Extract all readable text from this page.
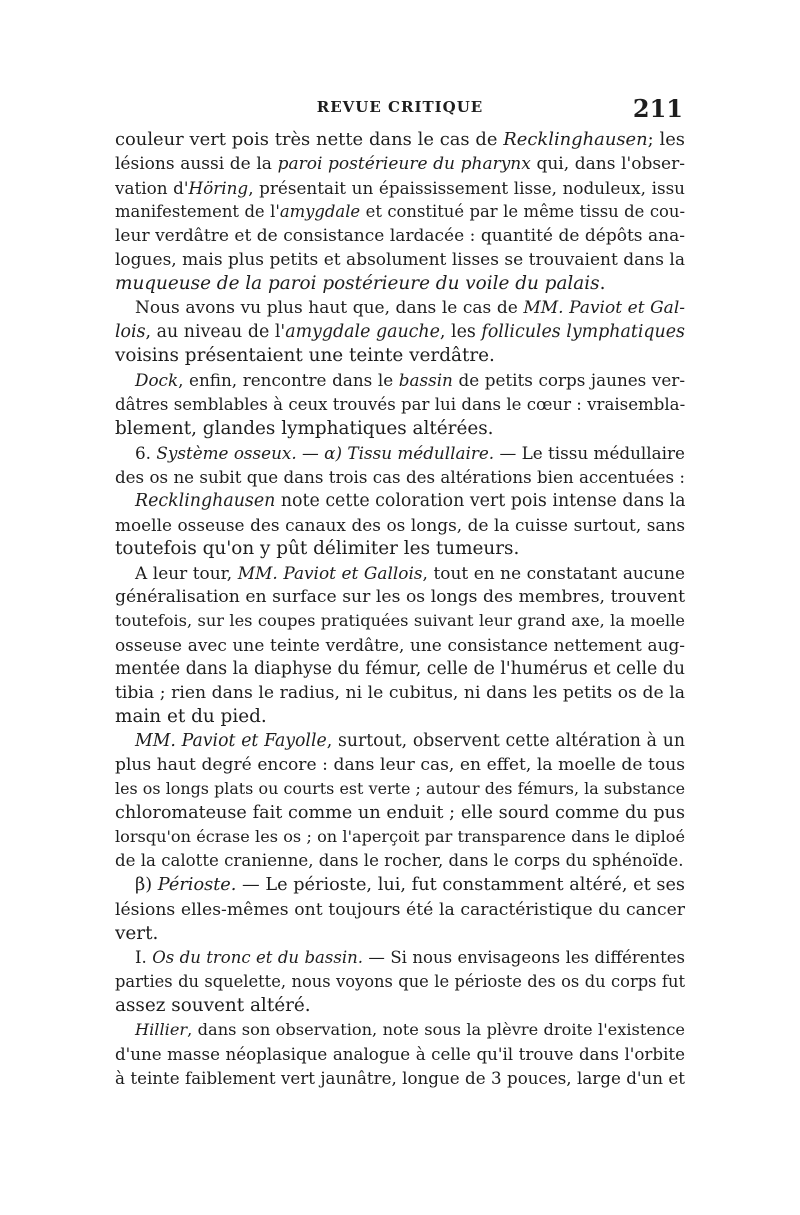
REVUE CRITIQUE	211
couleur vert pois très nette dans le cas de Recklinghausen; les
lésions aussi de la paroi postérieure du pharynx qui, dans l'obser-
vation d'Höring, présentait un épaississement lisse, noduleux, issu
manifestement de l'amygdale et constitué par le même tissu de cou-
leur verdâtre et de consistance lardacée : quantité de dépôts ana-
logues, mais plus petits et absolument lisses se trouvaient dans la
muqueuse de la paroi postérieure du voile du palais.
Nous avons vu plus haut que, dans le cas de MM. Paviot et Gal-
lois, au niveau de l'amygdale gauche, les follicules lymphatiques
voisins présentaient une teinte verdâtre.
Dock, enfin, rencontre dans le bassin de petits corps jaunes ver-
dâtres semblables à ceux trouvés par lui dans le cœur : vraisembla-
blement, glandes lymphatiques altérées.
6. Système osseux. — α) Tissu médullaire. — Le tissu médullaire
des os ne subit que dans trois cas des altérations bien accentuées :
Recklinghausen note cette coloration vert pois intense dans la
moelle osseuse des canaux des os longs, de la cuisse surtout, sans
toutefois qu'on y pût délimiter les tumeurs.
A leur tour, MM. Paviot et Gallois, tout en ne constatant aucune
généralisation en surface sur les os longs des membres, trouvent
toutefois, sur les coupes pratiquées suivant leur grand axe, la moelle
osseuse avec une teinte verdâtre, une consistance nettement aug-
mentée dans la diaphyse du fémur, celle de l'humérus et celle du
tibia ; rien dans le radius, ni le cubitus, ni dans les petits os de la
main et du pied.
MM. Paviot et Fayolle, surtout, observent cette altération à un
plus haut degré encore : dans leur cas, en effet, la moelle de tous
les os longs plats ou courts est verte ; autour des fémurs, la substance
chloromateuse fait comme un enduit ; elle sourd comme du pus
lorsqu'on écrase les os ; on l'aperçoit par transparence dans le diploé
de la calotte cranienne, dans le rocher, dans le corps du sphénoïde.
β) Périoste. — Le périoste, lui, fut constamment altéré, et ses
lésions elles-mêmes ont toujours été la caractéristique du cancer
vert.
I. Os du tronc et du bassin. — Si nous envisageons les différentes
parties du squelette, nous voyons que le périoste des os du corps fut
assez souvent altéré.
Hillier, dans son observation, note sous la plèvre droite l'existence
d'une masse néoplasique analogue à celle qu'il trouve dans l'orbite
à teinte faiblement vert jaunâtre, longue de 3 pouces, large d'un et
